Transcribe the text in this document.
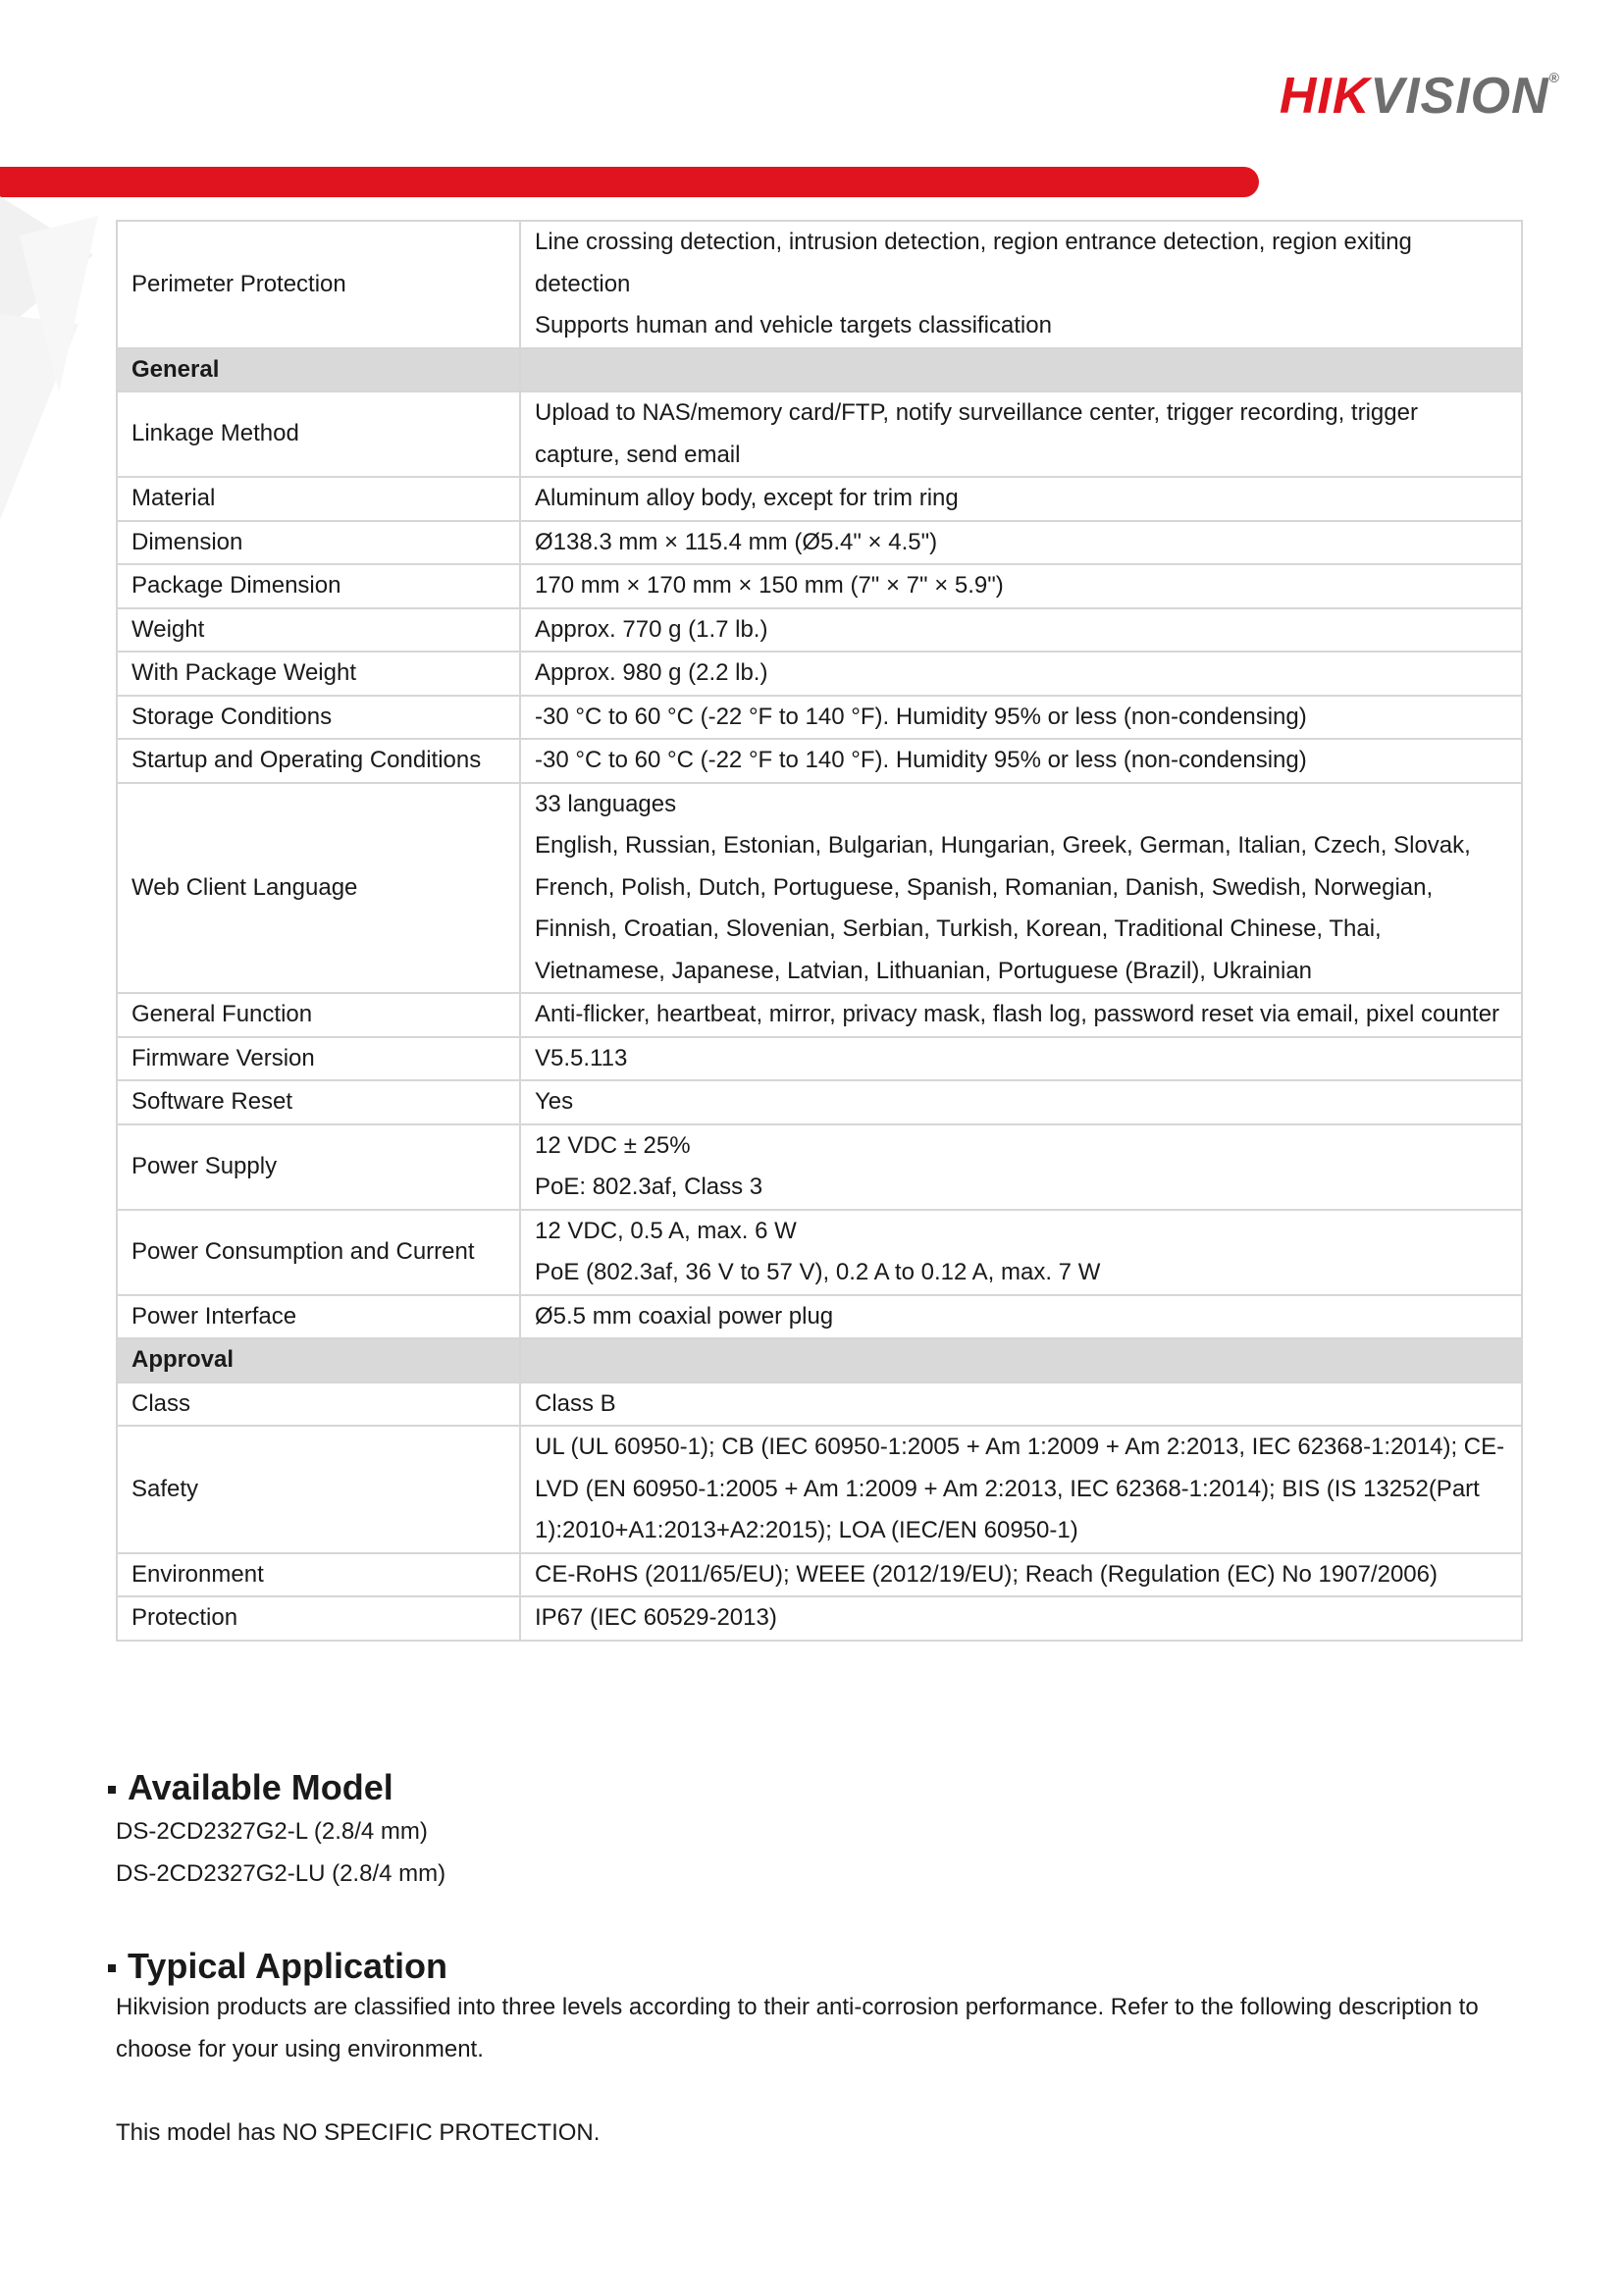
HIKVISION®
Perimeter Protection	Line crossing detection, intrusion detection, region entrance detection, region exiting detection
Supports human and vehicle targets classification

General	
Linkage Method	Upload to NAS/memory card/FTP, notify surveillance center, trigger recording, trigger capture, send email

Material	Aluminum alloy body, except for trim ring

Dimension	Ø138.3 mm × 115.4 mm (Ø5.4" × 4.5")

Package Dimension	170 mm × 170 mm × 150 mm (7" × 7" × 5.9")

Weight	Approx. 770 g (1.7 lb.)

With Package Weight	Approx. 980 g (2.2 lb.)

Storage Conditions	-30 °C to 60 °C (-22 °F to 140 °F). Humidity 95% or less (non-condensing)

Startup and Operating Conditions	-30 °C to 60 °C (-22 °F to 140 °F). Humidity 95% or less (non-condensing)

Web Client Language	33 languages
English, Russian, Estonian, Bulgarian, Hungarian, Greek, German, Italian, Czech, Slovak, French, Polish, Dutch, Portuguese, Spanish, Romanian, Danish, Swedish, Norwegian, Finnish, Croatian, Slovenian, Serbian, Turkish, Korean, Traditional Chinese, Thai, Vietnamese, Japanese, Latvian, Lithuanian, Portuguese (Brazil), Ukrainian

General Function	Anti-flicker, heartbeat, mirror, privacy mask, flash log, password reset via email, pixel counter

Firmware Version	V5.5.113

Software Reset	Yes

Power Supply	12 VDC ± 25%
PoE: 802.3af, Class 3

Power Consumption and Current	12 VDC, 0.5 A, max. 6 W
PoE (802.3af, 36 V to 57 V), 0.2 A to 0.12 A, max. 7 W

Power Interface	Ø5.5 mm coaxial power plug

Approval	
Class	Class B

Safety	UL (UL 60950-1); CB (IEC 60950-1:2005 + Am 1:2009 + Am 2:2013, IEC 62368-1:2014); CE-LVD (EN 60950-1:2005 + Am 1:2009 + Am 2:2013, IEC 62368-1:2014); BIS (IS 13252(Part 1):2010+A1:2013+A2:2015); LOA (IEC/EN 60950-1)

Environment	CE-RoHS (2011/65/EU); WEEE (2012/19/EU); Reach (Regulation (EC) No 1907/2006)

Protection	IP67 (IEC 60529-2013)
Available Model
DS-2CD2327G2-L (2.8/4 mm)
DS-2CD2327G2-LU (2.8/4 mm)
Typical Application
Hikvision products are classified into three levels according to their anti-corrosion performance. Refer to the following description to choose for your using environment.
This model has NO SPECIFIC PROTECTION.
